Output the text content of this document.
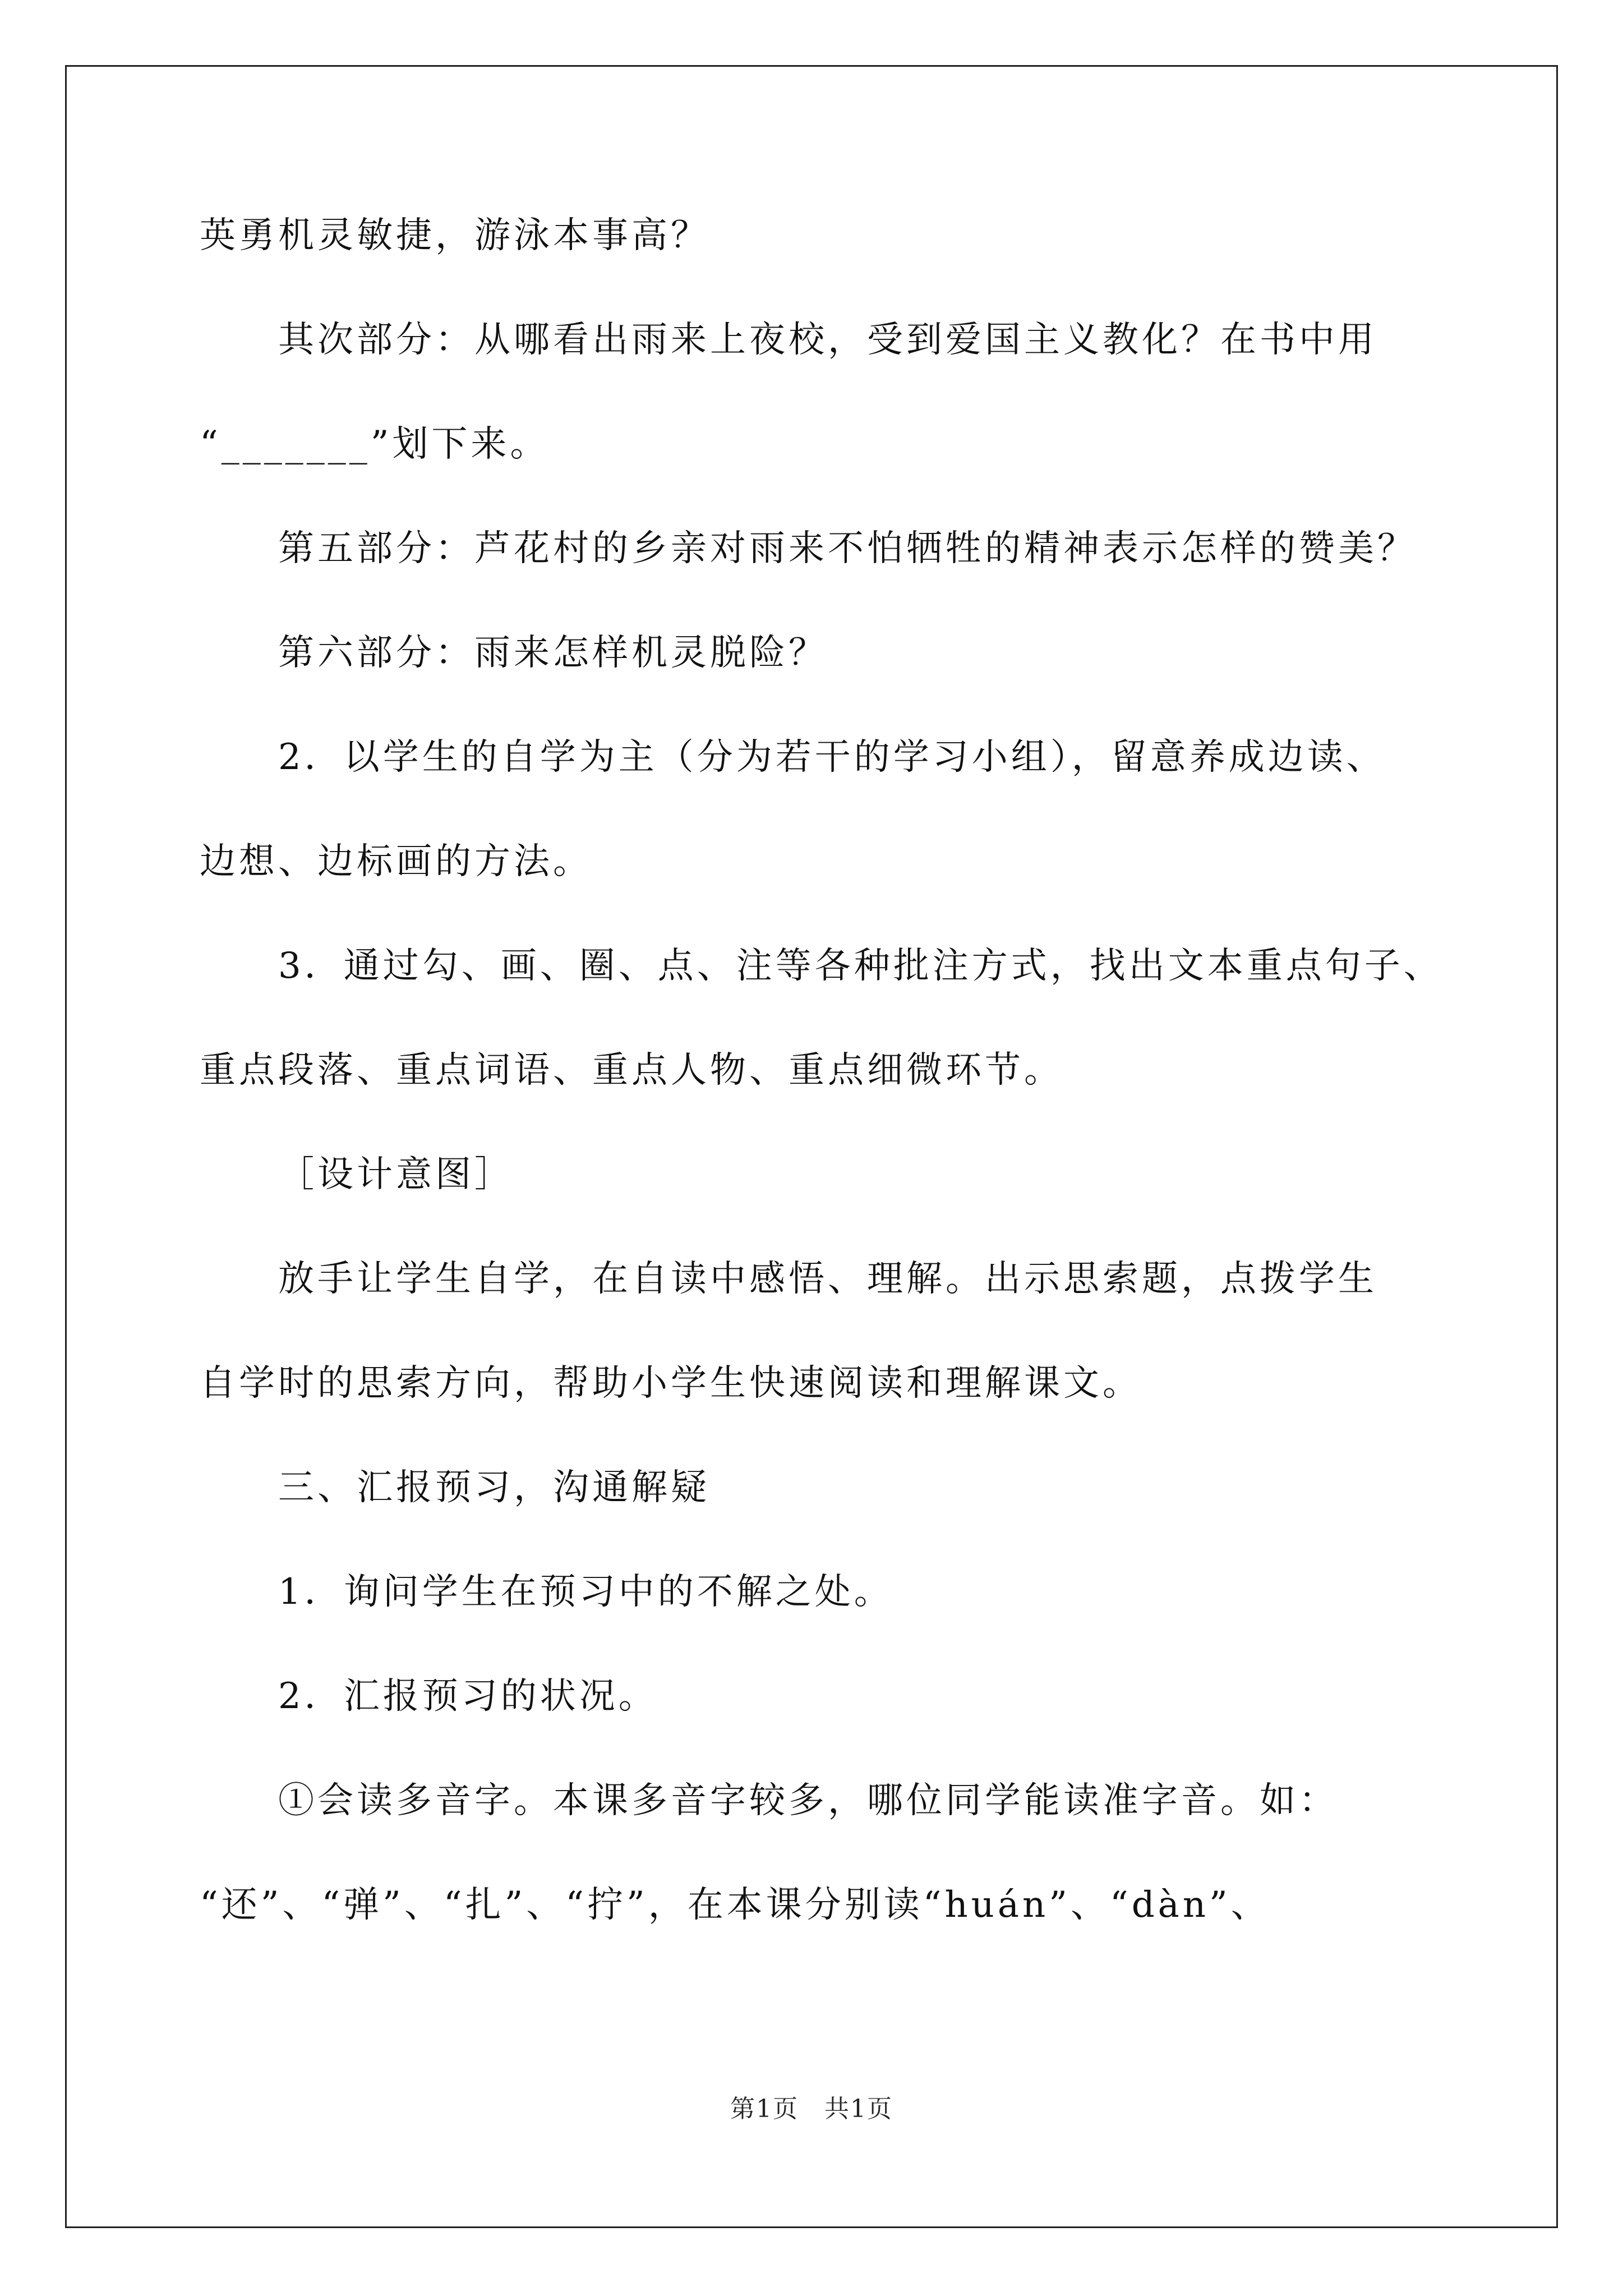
英勇机灵敏捷，游泳本事高？
其次部分：从哪看出雨来上夜校，受到爱国主义教化？在书中用
“_______”划下来。
第五部分：芦花村的乡亲对雨来不怕牺牲的精神表示怎样的赞美？
第六部分：雨来怎样机灵脱险？
2．以学生的自学为主（分为若干的学习小组），留意养成边读、
边想、边标画的方法。
3．通过勾、画、圈、点、注等各种批注方式，找出文本重点句子、
重点段落、重点词语、重点人物、重点细微环节。
［设计意图］
放手让学生自学，在自读中感悟、理解。出示思索题，点拨学生
自学时的思索方向，帮助小学生快速阅读和理解课文。
三、汇报预习，沟通解疑
1．询问学生在预习中的不解之处。
2．汇报预习的状况。
①会读多音字。本课多音字较多，哪位同学能读准字音。如：
“还”、“弹”、“扎”、“拧”，在本课分别读“huán”、“dàn”、
第1页　共1页
